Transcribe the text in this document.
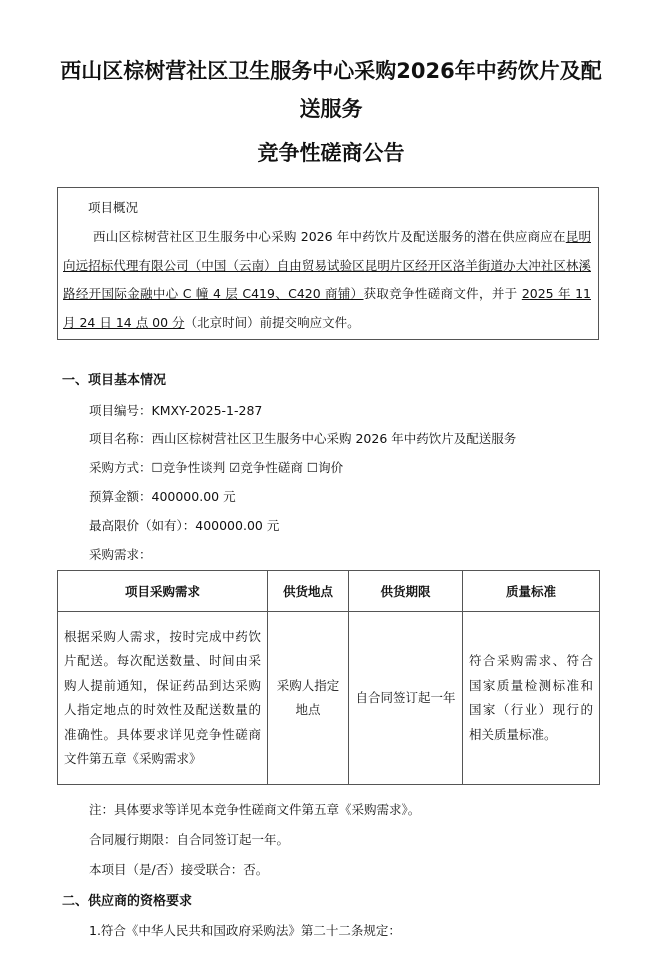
西山区棕树营社区卫生服务中心采购2026年中药饮片及配
送服务
竞争性磋商公告
项目概况
西山区棕树营社区卫生服务中心采购 2026 年中药饮片及配送服务的潜在供应商应在昆明向远招标代理有限公司（中国（云南）自由贸易试验区昆明片区经开区洛羊街道办大冲社区林溪路经开国际金融中心 C 幢 4 层 C419、C420 商铺）获取竞争性磋商文件，并于 2025 年 11 月 24 日 14 点 00 分（北京时间）前提交响应文件。
一、项目基本情况
项目编号：KMXY-2025-1-287
项目名称：西山区棕树营社区卫生服务中心采购 2026 年中药饮片及配送服务
采购方式：☐竞争性谈判 ☑竞争性磋商 ☐询价
预算金额：400000.00 元
最高限价（如有）：400000.00 元
采购需求：
项目采购需求	供货地点	供货期限	质量标准
根据采购人需求，按时完成中药饮片配送。每次配送数量、时间由采购人提前通知，保证药品到达采购人指定地点的时效性及配送数量的准确性。具体要求详见竞争性磋商文件第五章《采购需求》	采购人指定地点	自合同签订起一年	符合采购需求、符合国家质量检测标准和国家（行业）现行的相关质量标准。
注：具体要求等详见本竞争性磋商文件第五章《采购需求》。
合同履行期限：自合同签订起一年。
本项目（是/否）接受联合：否。
二、供应商的资格要求
1.符合《中华人民共和国政府采购法》第二十二条规定：
